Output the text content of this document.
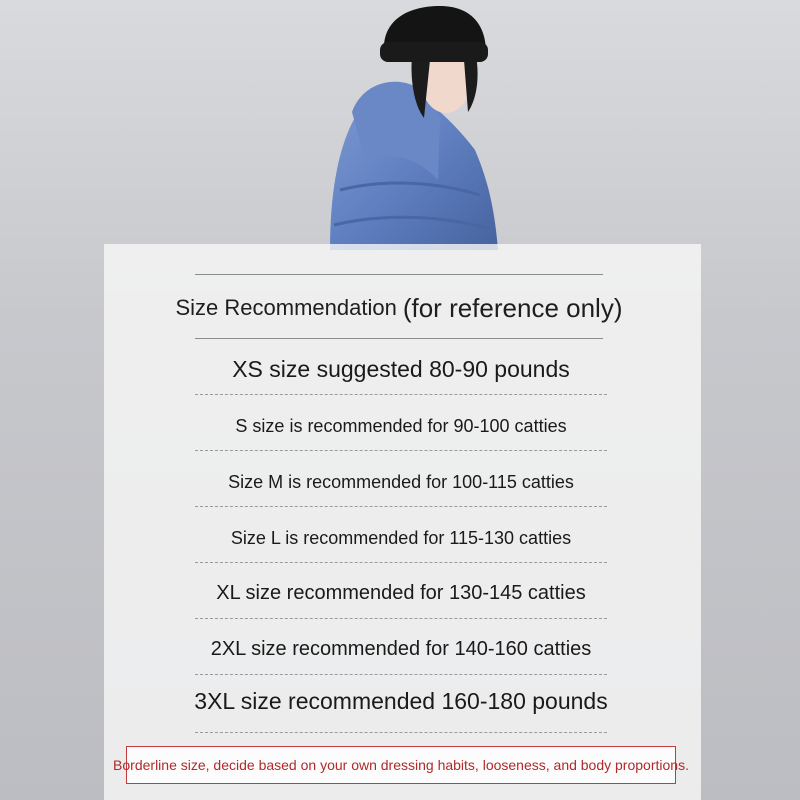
Size Recommendation (for reference only)
XS size suggested 80-90 pounds
S size is recommended for 90-100 catties
Size M is recommended for 100-115 catties
Size L is recommended for 115-130 catties
XL size recommended for 130-145 catties
2XL size recommended for 140-160 catties
3XL size recommended 160-180 pounds
Borderline size, decide based on your own dressing habits, looseness, and body proportions.
